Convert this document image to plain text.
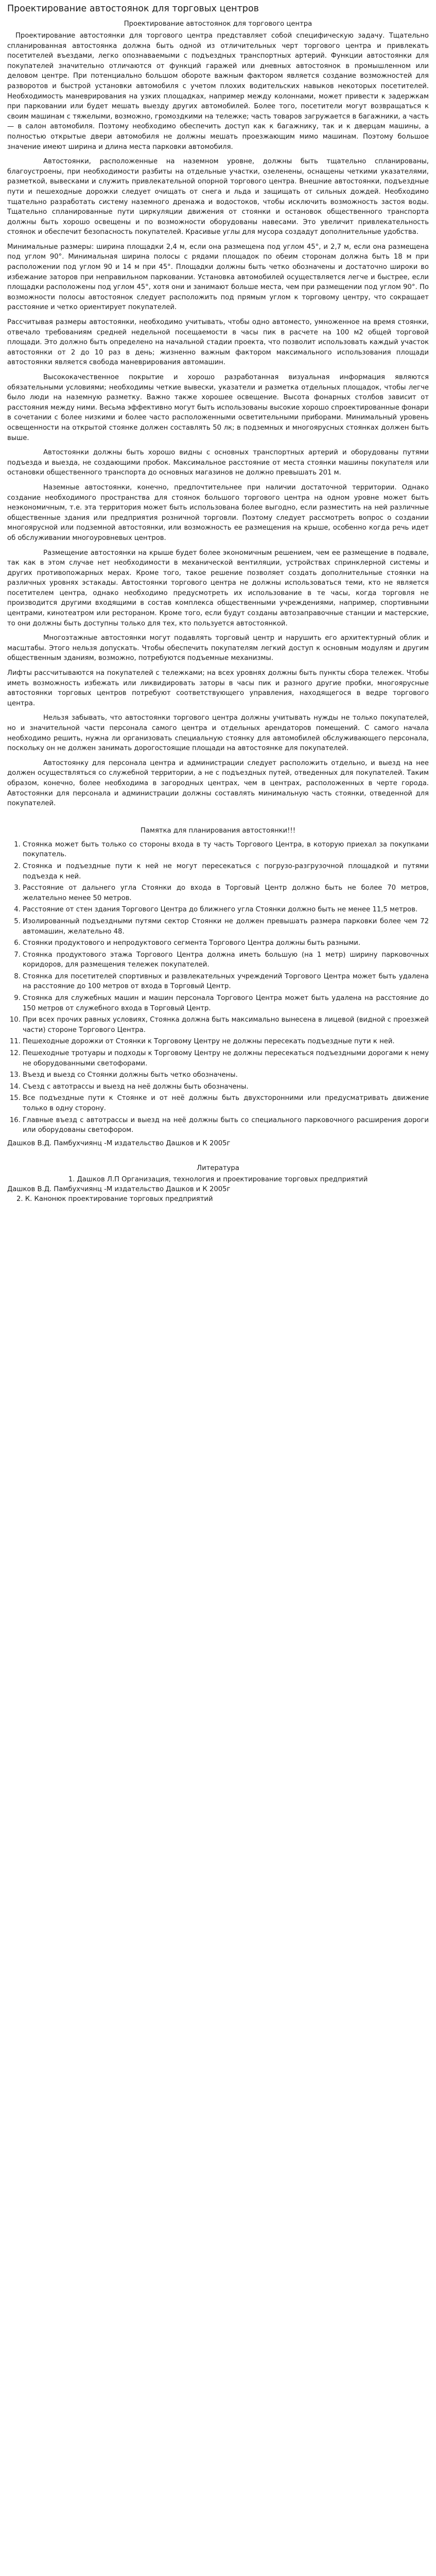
Проектирование автостоянок для торговых центров
Проектирование автостоянок для торгового центра

Проектирование автостоянки для торгового центра представляет собой специфическую задачу. Тщательно спланированная автостоянка должна быть одной из отличительных черт торгового центра и привлекать посетителей въездами, легко опознаваемыми с подъездных транспортных артерий. Функции автостоянки для покупателей значительно отличаются от функций гаражей или дневных автостоянок в промышленном или деловом центре. При потенциально большом обороте важным фактором является создание возможностей для разворотов и быстрой установки автомобиля с учетом плохих водительских навыков некоторых посетителей. Необходимость маневрирования на узких площадках, например между колоннами, может привести к задержкам при парковании или будет мешать выезду других автомобилей. Более того, посетители могут возвращаться к своим машинам с тяжелыми, возможно, громоздкими на тележке; часть товаров загружается в багажники, а часть — в салон автомобиля. Поэтому необходимо обеспечить доступ как к багажнику, так и к дверцам машины, а полностью открытые двери автомобиля не должны мешать проезжающим мимо машинам. Поэтому большое значение имеют ширина и длина места парковки автомобиля.

Автостоянки, расположенные на наземном уровне, должны быть тщательно спланированы, благоустроены, при необходимости разбиты на отдельные участки, озеленены, оснащены четкими указателями, разметкой, вывесками и служить привлекательной опорной торгового центра. Внешние автостоянки, подъездные пути и пешеходные дорожки следует очищать от снега и льда и защищать от сильных дождей. Необходимо тщательно разработать систему наземного дренажа и водостоков, чтобы исключить возможность застоя воды. Тщательно спланированные пути циркуляции движения от стоянки и остановок общественного транспорта должны быть хорошо освещены и по возможности оборудованы навесами. Это увеличит привлекательность стоянок и обеспечит безопасность покупателей. Красивые углы для мусора создадут дополнительные удобства.

Минимальные размеры: ширина площадки 2,4 м, если она размещена под углом 45°, и 2,7 м, если она размещена под углом 90°. Минимальная ширина полосы с рядами площадок по обеим сторонам должна быть 18 м при расположении под углом 90 и 14 м при 45°. Площадки должны быть четко обозначены и достаточно широки во избежание заторов при неправильном парковании. Установка автомобилей осуществляется легче и быстрее, если площадки расположены под углом 45°, хотя они и занимают больше места, чем при размещении под углом 90°. По возможности полосы автостоянок следует расположить под прямым углом к торговому центру, что сокращает расстояние и четко ориентирует покупателей.

Рассчитывая размеры автостоянки, необходимо учитывать, чтобы одно автоместо, умноженное на время стоянки, отвечало требованиям средней недельной посещаемости в часы пик в расчете на 100 м2 общей торговой площади. Это должно быть определено на начальной стадии проекта, что позволит использовать каждый участок автостоянки от 2 до 10 раз в день; жизненно важным фактором максимального использования площади автостоянки является свобода маневрирования автомашин.

Высококачественное покрытие и хорошо разработанная визуальная информация являются обязательными условиями; необходимы четкие вывески, указатели и разметка отдельных площадок, чтобы легче было люди на наземную разметку. Важно также хорошее освещение. Высота фонарных столбов зависит от расстояния между ними. Весьма эффективно могут быть использованы высокие хорошо спроектированные фонари в сочетании с более низкими и более часто расположенными осветительными приборами. Минимальный уровень освещенности на открытой стоянке должен составлять 50 лк; в подземных и многоярусных стоянках должен быть выше.

Автостоянки должны быть хорошо видны с основных транспортных артерий и оборудованы путями подъезда и выезда, не создающими пробок. Максимальное расстояние от места стоянки машины покупателя или остановки общественного транспорта до основных магазинов не должно превышать 201 м.

Наземные автостоянки, конечно, предпочтительнее при наличии достаточной территории. Однако создание необходимого пространства для стоянок большого торгового центра на одном уровне может быть неэкономичным, т.е. эта территория может быть использована более выгодно, если разместить на ней различные общественные здания или предприятия розничной торговли. Поэтому следует рассмотреть вопрос о создании многоярусной или подземной автостоянки, или возможность ее размещения на крыше, особенно когда речь идет об обслуживании многоуровневых центров.

Размещение автостоянки на крыше будет более экономичным решением, чем ее размещение в подвале, так как в этом случае нет необходимости в механической вентиляции, устройствах спринклерной системы и других противопожарных мерах. Кроме того, такое решение позволяет создать дополнительные стоянки на различных уровнях эстакады. Автостоянки торгового центра не должны использоваться теми, кто не является посетителем центра, однако необходимо предусмотреть их использование в те часы, когда торговля не производится другими входящими в состав комплекса общественными учреждениями, например, спортивными центрами, кинотеатром или рестораном. Кроме того, если будут созданы автозаправочные станции и мастерские, то они должны быть доступны только для тех, кто пользуется автостоянкой.

Многоэтажные автостоянки могут подавлять торговый центр и нарушить его архитектурный облик и масштабы. Этого нельзя допускать. Чтобы обеспечить покупателям легкий доступ к основным модулям и другим общественным зданиям, возможно, потребуются подъемные механизмы.

Лифты рассчитываются на покупателей с тележками; на всех уровнях должны быть пункты сбора тележек. Чтобы иметь возможность избежать или ликвидировать заторы в часы пик и разного другие пробки, многоярусные автостоянки торговых центров потребуют соответствующего управления, находящегося в ведре торгового центра.

Нельзя забывать, что автостоянки торгового центра должны учитывать нужды не только покупателей, но и значительной части персонала самого центра и отдельных арендаторов помещений. С самого начала необходимо решить, нужна ли организовать специальную стоянку для автомобилей обслуживающего персонала, поскольку он не должен занимать дорогостоящие площади на автостоянке для покупателей.

Автостоянку для персонала центра и администрации следует расположить отдельно, и выезд на нее должен осуществляться со служебной территории, а не с подъездных путей, отведенных для покупателей. Таким образом, конечно, более необходима в загородных центрах, чем в центрах, расположенных в черте города. Автостоянки для персонала и администрации должны составлять минимальную часть стоянки, отведенной для покупателей.

Памятка для планирования автостоянки!!!
1. Стоянка может быть только со стороны входа в ту часть Торгового Центра, в которую приехал за покупками покупатель.
2. Стоянка и подъездные пути к ней не могут пересекаться с погрузо-разгрузочной площадкой и путями подъезда к ней.
3. Расстояние от дальнего угла Стоянки до входа в Торговый Центр должно быть не более 70 метров, желательно менее 50 метров.
4. Расстояние от стен здания Торгового Центра до ближнего угла Стоянки должно быть не менее 11,5 метров.
5. Изолированный подъездными путями сектор Стоянки не должен превышать размера парковки более чем 72 автомашин, желательно 48.
6. Стоянки продуктового и непродуктового сегмента Торгового Центра должны быть разными.
7. Стоянка продуктового этажа Торгового Центра должна иметь большую (на 1 метр) ширину парковочных коридоров, для размещения тележек покупателей.
8. Стоянка для посетителей спортивных и развлекательных учреждений Торгового Центра может быть удалена на расстояние до 100 метров от входа в Торговый Центр.
9. Стоянка для служебных машин и машин персонала Торгового Центра может быть удалена на расстояние до 150 метров от служебного входа в Торговый Центр.
10. При всех прочих равных условиях, Стоянка должна быть максимально вынесена в лицевой (видной с проезжей части) стороне Торгового Центра.
11. Пешеходные дорожки от Стоянки к Торговому Центру не должны пересекать подъездные пути к ней.
12. Пешеходные тротуары и подходы к Торговому Центру не должны пересекаться подъездными дорогами к нему не оборудованными светофорами.
13. Въезд и выезд со Стоянки должны быть четко обозначены.
14. Съезд с автотрассы и выезд на неё должны быть обозначены.
15. Все подъездные пути к Стоянке и от неё должны быть двухсторонними или предусматривать движение только в одну сторону.
16. Главные въезд с автотрассы и выезд на неё должны быть со специального парковочного расширения дороги или оборудованы светофором.
Дашков В.Д. Памбухчиянц -М издательство Дашков и К 2005г
Литература
1. Дашков Л.П Организация, технология и проектирование торговых предприятий
Дашков В.Д. Памбухчиянц -М издательство Дашков и К 2005г
2. К. Канонюк проектирование торговых предприятий
